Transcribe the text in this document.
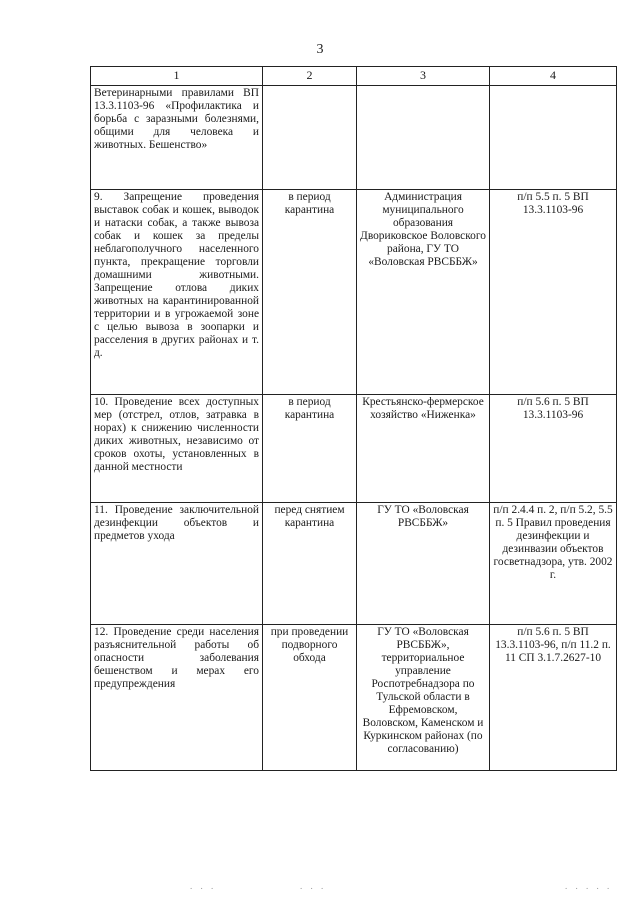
3
1	2	3	4
Ветеринарными правилами ВП 13.3.1103-96 «Профилактика и борьба с заразными болезнями, общими для человека и животных. Бешенство»			
9. Запрещение проведения выставок собак и кошек, выводок и натаски собак, а также вывоза собак и кошек за пределы неблагополучного населенного пункта, прекращение торговли домашними животными. Запрещение отлова диких животных на карантинированной территории и в угрожаемой зоне с целью вывоза в зоопарки и расселения в других районах и т. д.	в период карантина	Администрация муниципального образования Двориковское Воловского района, ГУ ТО «Воловская РВСББЖ»	п/п 5.5 п. 5 ВП 13.3.1103-96
10. Проведение всех доступных мер (отстрел, отлов, затравка в норах) к снижению численности диких животных, независимо от сроков охоты, установленных в данной местности	в период карантина	Крестьянско-фермерское хозяйство «Ниженка»	п/п 5.6 п. 5 ВП 13.3.1103-96
11. Проведение заключительной дезинфекции объектов и предметов ухода	перед снятием карантина	ГУ ТО «Воловская РВСББЖ»	п/п 2.4.4 п. 2, п/п 5.2, 5.5 п. 5 Правил проведения дезинфекции и дезинвазии объектов госветнадзора, утв. 2002 г.
12. Проведение среди населения разъяснительной работы об опасности заболевания бешенством и мерах его предупреждения	при проведении подворного обхода	ГУ ТО «Воловская РВСББЖ», территориальное управление Роспотребнадзора по Тульской области в Ефремовском, Воловском, Каменском и Куркинском районах (по согласованию)	п/п 5.6 п. 5 ВП 13.3.1103-96, п/п 11.2 п. 11 СП 3.1.7.2627-10
. . .	. . .	. . . . .
